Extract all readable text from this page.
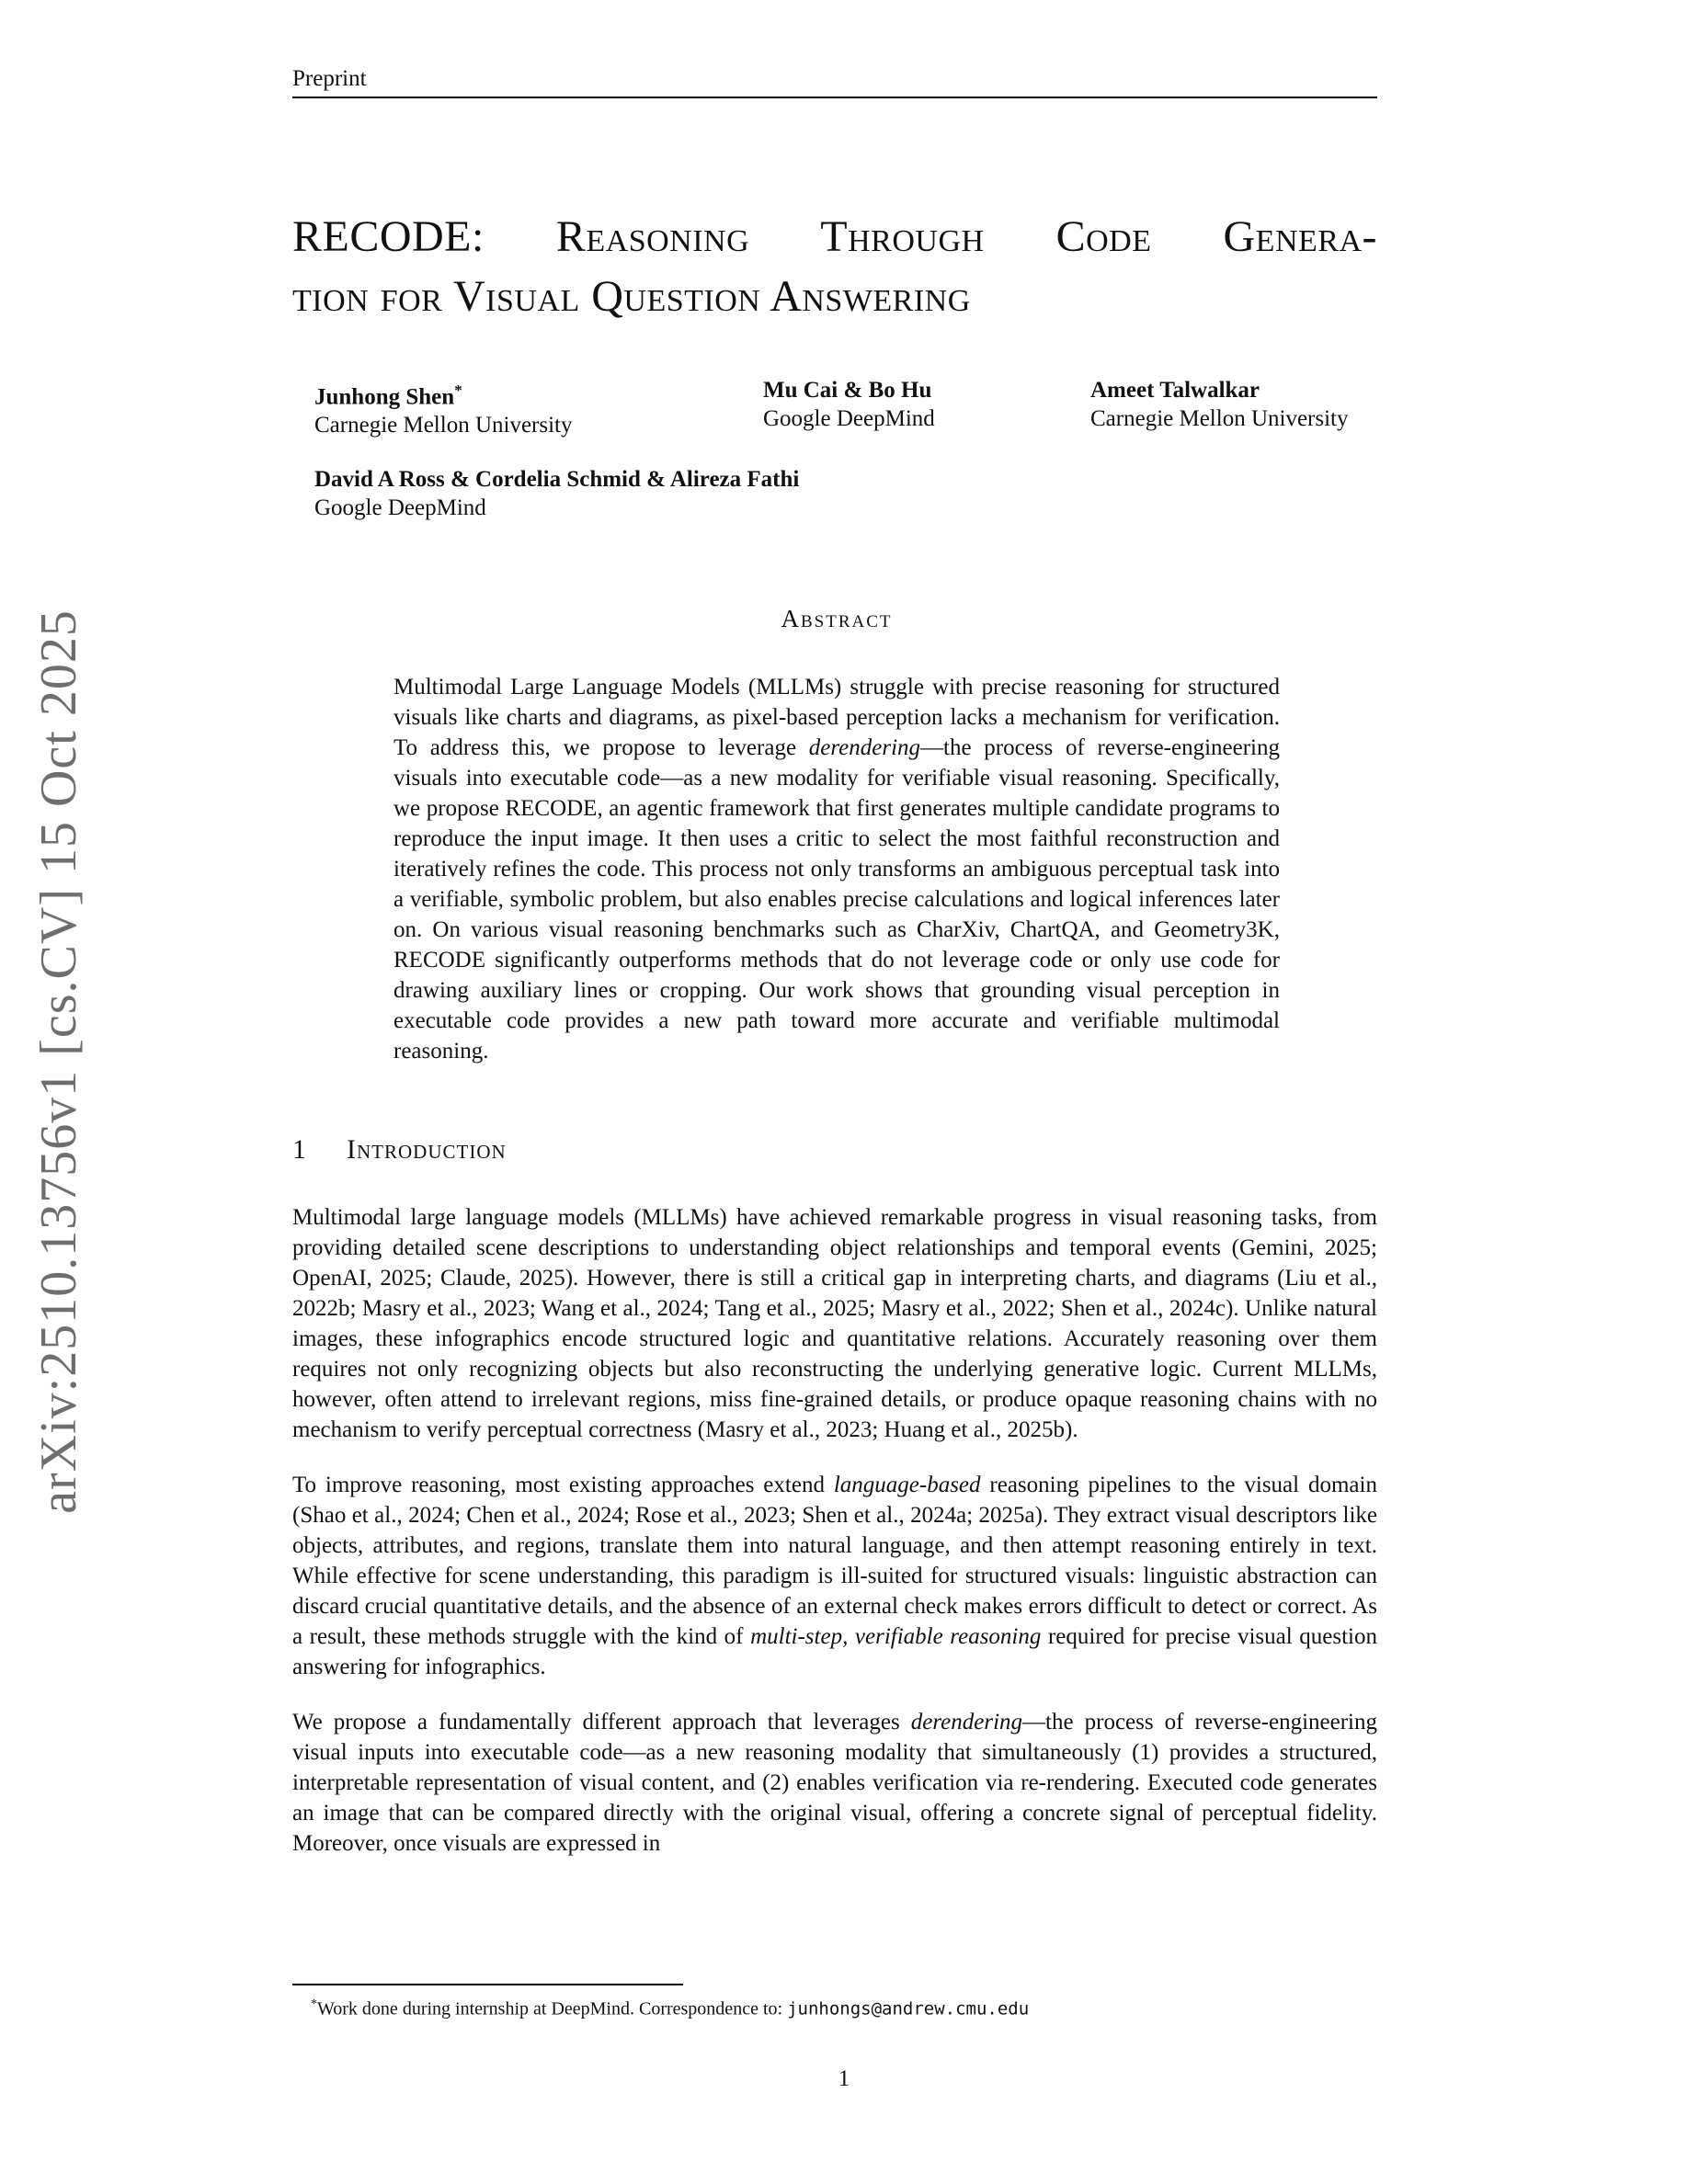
arXiv:2510.13756v1 [cs.CV] 15 Oct 2025
Preprint
RECODE: Reasoning Through Code Genera-
tion for Visual Question Answering
Junhong Shen*
Carnegie Mellon University
Mu Cai & Bo Hu
Google DeepMind
Ameet Talwalkar
Carnegie Mellon University
David A Ross & Cordelia Schmid & Alireza Fathi
Google DeepMind
Abstract

Multimodal Large Language Models (MLLMs) struggle with precise reasoning for structured visuals like charts and diagrams, as pixel-based perception lacks a mechanism for verification. To address this, we propose to leverage derendering—the process of reverse-engineering visuals into executable code—as a new modality for verifiable visual reasoning. Specifically, we propose RECODE, an agentic framework that first generates multiple candidate programs to reproduce the input image. It then uses a critic to select the most faithful reconstruction and iteratively refines the code. This process not only transforms an ambiguous perceptual task into a verifiable, symbolic problem, but also enables precise calculations and logical inferences later on. On various visual reasoning benchmarks such as CharXiv, ChartQA, and Geometry3K, RECODE significantly outperforms methods that do not leverage code or only use code for drawing auxiliary lines or cropping. Our work shows that grounding visual perception in executable code provides a new path toward more accurate and verifiable multimodal reasoning.

1 Introduction

Multimodal large language models (MLLMs) have achieved remarkable progress in visual reasoning tasks, from providing detailed scene descriptions to understanding object relationships and temporal events (Gemini, 2025; OpenAI, 2025; Claude, 2025). However, there is still a critical gap in interpreting charts, and diagrams (Liu et al., 2022b; Masry et al., 2023; Wang et al., 2024; Tang et al., 2025; Masry et al., 2022; Shen et al., 2024c). Unlike natural images, these infographics encode structured logic and quantitative relations. Accurately reasoning over them requires not only recognizing objects but also reconstructing the underlying generative logic. Current MLLMs, however, often attend to irrelevant regions, miss fine-grained details, or produce opaque reasoning chains with no mechanism to verify perceptual correctness (Masry et al., 2023; Huang et al., 2025b).

To improve reasoning, most existing approaches extend language-based reasoning pipelines to the visual domain (Shao et al., 2024; Chen et al., 2024; Rose et al., 2023; Shen et al., 2024a; 2025a). They extract visual descriptors like objects, attributes, and regions, translate them into natural language, and then attempt reasoning entirely in text. While effective for scene understanding, this paradigm is ill-suited for structured visuals: linguistic abstraction can discard crucial quantitative details, and the absence of an external check makes errors difficult to detect or correct. As a result, these methods struggle with the kind of multi-step, verifiable reasoning required for precise visual question answering for infographics.

We propose a fundamentally different approach that leverages derendering—the process of reverse-engineering visual inputs into executable code—as a new reasoning modality that simultaneously (1) provides a structured, interpretable representation of visual content, and (2) enables verification via re-rendering. Executed code generates an image that can be compared directly with the original visual, offering a concrete signal of perceptual fidelity. Moreover, once visuals are expressed in

*Work done during internship at DeepMind. Correspondence to: junhongs@andrew.cmu.edu
1
